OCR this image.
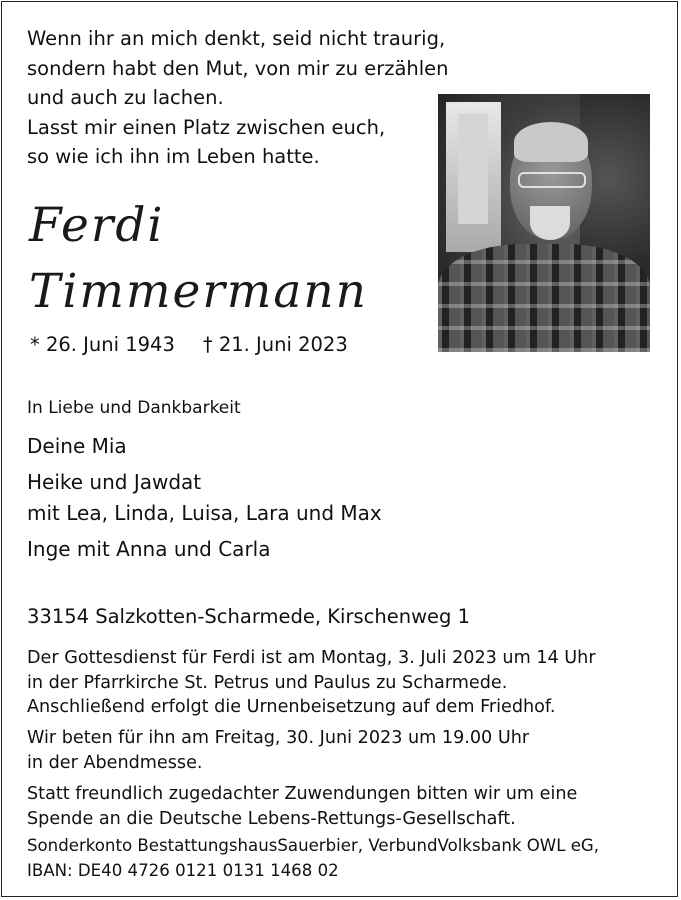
Wenn ihr an mich denkt, seid nicht traurig,
sondern habt den Mut, von mir zu erzählen
und auch zu lachen.
Lasst mir einen Platz zwischen euch,
so wie ich ihn im Leben hatte.
Ferdi
Timmermann
* 26. Juni 1943 † 21. Juni 2023
In Liebe und Dankbarkeit
Deine Mia
Heike und Jawdat
mit Lea, Linda, Luisa, Lara und Max
Inge mit Anna und Carla
33154 Salzkotten-Scharmede, Kirschenweg 1
Der Gottesdienst für Ferdi ist am Montag, 3. Juli 2023 um 14 Uhr
in der Pfarrkirche St. Petrus und Paulus zu Scharmede.
Anschließend erfolgt die Urnenbeisetzung auf dem Friedhof.
Wir beten für ihn am Freitag, 30. Juni 2023 um 19.00 Uhr
in der Abendmesse.
Statt freundlich zugedachter Zuwendungen bitten wir um eine
Spende an die Deutsche Lebens-Rettungs-Gesellschaft.
Sonderkonto BestattungshausSauerbier, VerbundVolksbank OWL eG,
IBAN: DE40 4726 0121 0131 1468 02
